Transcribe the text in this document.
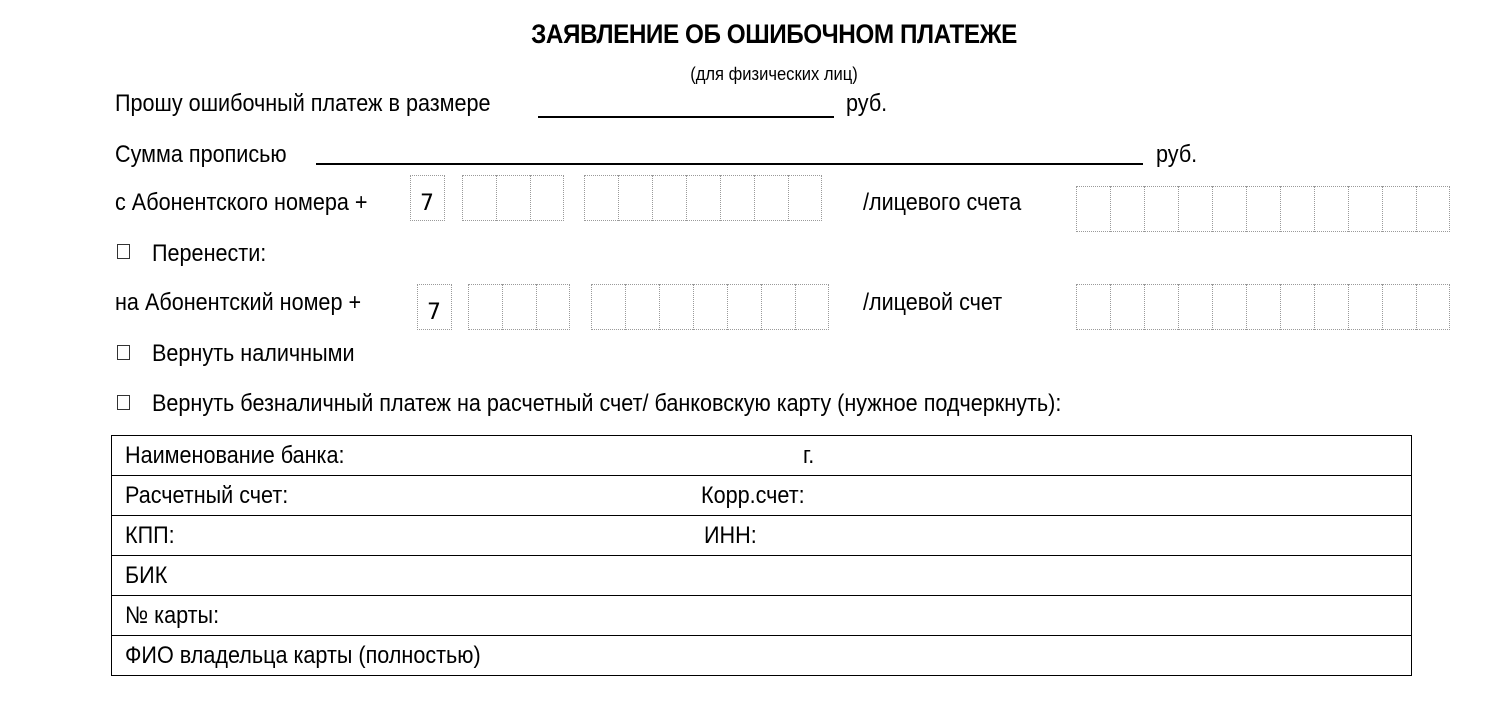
ЗАЯВЛЕНИЕ ОБ ОШИБОЧНОМ ПЛАТЕЖЕ
(для физических лиц)
Прошу ошибочный платеж в размере	руб.
Сумма прописью	руб.
с Абонентского номера + 7	/лицевого счета
Перенести:
на Абонентский номер +	7	/лицевой счет
Вернуть наличными
Вернуть безналичный платеж на расчетный счет/ банковскую карту (нужное подчеркнуть):
Наименование банка:	г.

Расчетный счет:	Корр.счет:

КПП:	ИНН:

БИК

№ карты:

ФИО владельца карты (полностью)
